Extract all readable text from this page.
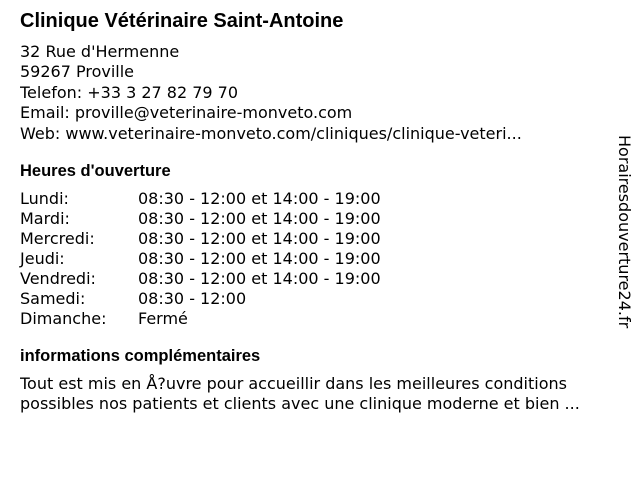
Clinique Vétérinaire Saint-Antoine
32 Rue d'Hermenne
59267 Proville
Telefon: +33 3 27 82 79 70
Email: proville@veterinaire-monveto.com
Web: www.veterinaire-monveto.com/cliniques/clinique-veteri...
Heures d'ouverture
Lundi:	08:30 - 12:00 et 14:00 - 19:00
Mardi:	08:30 - 12:00 et 14:00 - 19:00
Mercredi:	08:30 - 12:00 et 14:00 - 19:00
Jeudi:	08:30 - 12:00 et 14:00 - 19:00
Vendredi:	08:30 - 12:00 et 14:00 - 19:00
Samedi:	08:30 - 12:00
Dimanche:	Fermé
informations complémentaires
Tout est mis en Å?uvre pour accueillir dans les meilleures conditions
possibles nos patients et clients avec une clinique moderne et bien ...
Horairesdouverture24.fr
